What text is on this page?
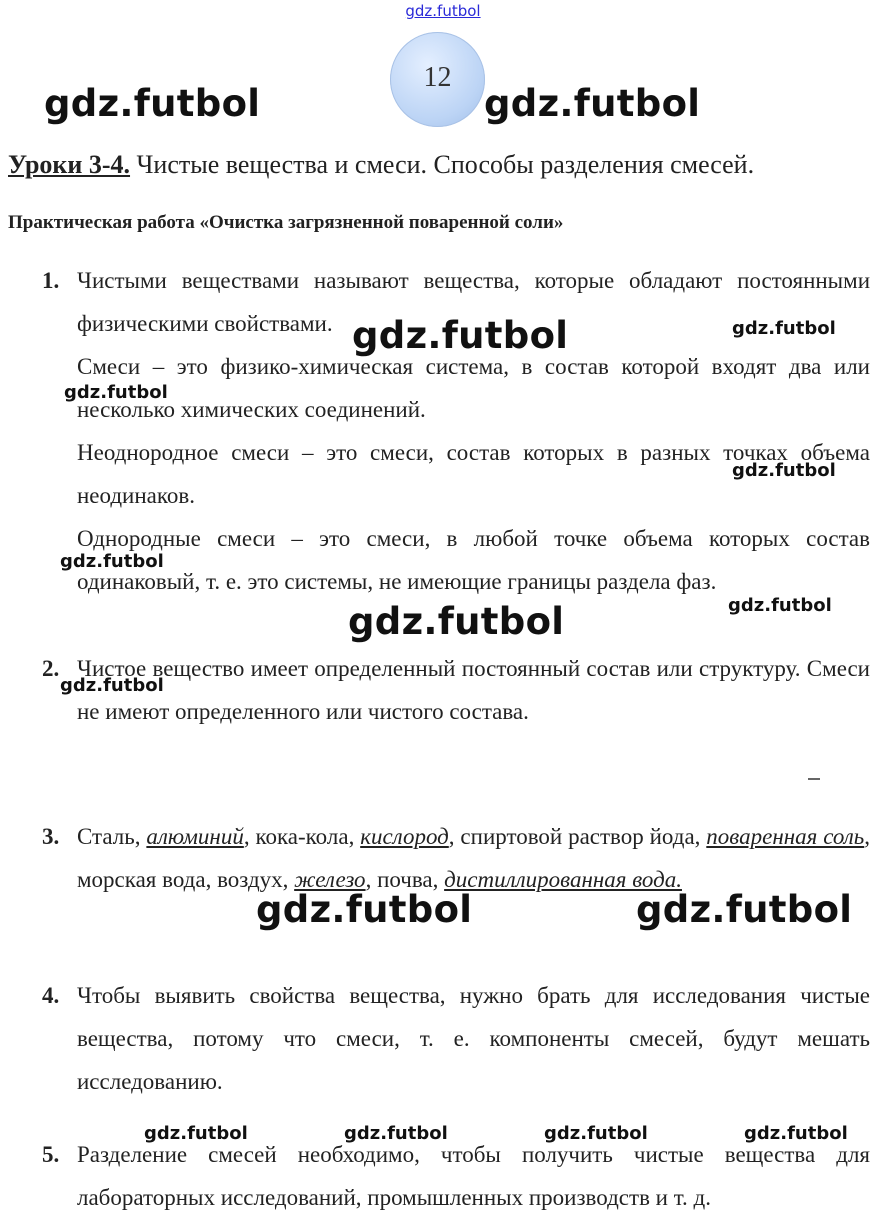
gdz.futbol
12
Уроки 3-4. Чистые вещества и смеси. Способы разделения смесей.
Практическая работа «Очистка загрязненной поваренной соли»
1. Чистыми веществами называют вещества, которые обладают постоянными физическими свойствами.

Смеси – это физико-химическая система, в состав которой входят два или несколько химических соединений.

Неоднородное смеси – это смеси, состав которых в разных точках объема неодинаков.

Однородные смеси – это смеси, в любой точке объема которых состав одинаковый, т. е. это системы, не имеющие границы раздела фаз.

2. Чистое вещество имеет определенный постоянный состав или структуру. Смеси не имеют определенного или чистого состава.

3. Сталь, алюминий, кока-кола, кислород, спиртовой раствор йода, поваренная соль, морская вода, воздух, железо, почва, дистиллированная вода.

4. Чтобы выявить свойства вещества, нужно брать для исследования чистые вещества, потому что смеси, т. е. компоненты смесей, будут мешать исследованию.

5. Разделение смесей необходимо, чтобы получить чистые вещества для лабораторных исследований, промышленных производств и т. д.

gdz.futbol	gdz.futbol
gdz.futbol
gdz.futbol
gdz.futbol	gdz.futbol
gdz.futbol
gdz.futbol
gdz.futbol
gdz.futbol
gdz.futbol
gdz.futbol
gdz.futbol	gdz.futbol	gdz.futbol	gdz.futbol
